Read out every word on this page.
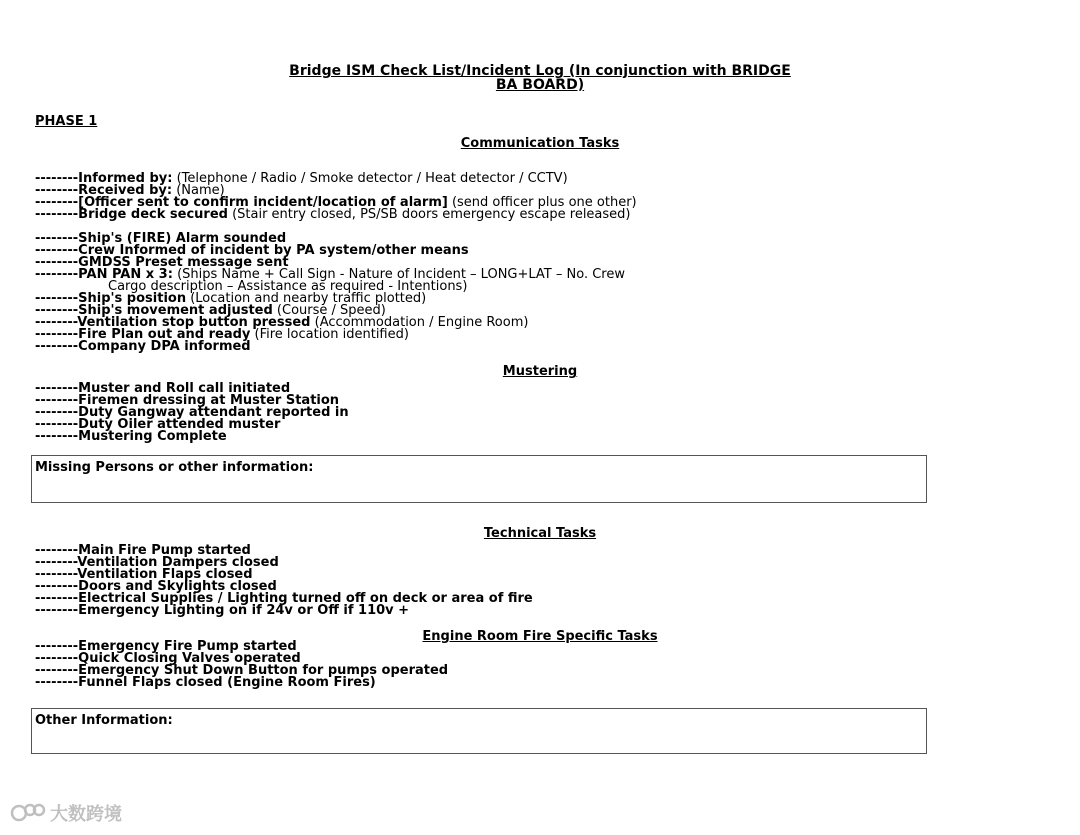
Bridge ISM Check List/Incident Log (In conjunction with BRIDGE
BA BOARD)
PHASE 1
Communication Tasks
--------Informed by: (Telephone / Radio / Smoke detector / Heat detector / CCTV)
--------Received by: (Name)
--------[Officer sent to confirm incident/location of alarm] (send officer plus one other)
--------Bridge deck secured (Stair entry closed, PS/SB doors emergency escape released)
--------Ship's (FIRE) Alarm sounded
--------Crew Informed of incident by PA system/other means
--------GMDSS Preset message sent
--------PAN PAN x 3: (Ships Name + Call Sign - Nature of Incident – LONG+LAT – No. Crew
Cargo description – Assistance as required - Intentions)
--------Ship's position (Location and nearby traffic plotted)
--------Ship's movement adjusted (Course / Speed)
--------Ventilation stop button pressed (Accommodation / Engine Room)
--------Fire Plan out and ready (Fire location identified)
--------Company DPA informed
Mustering
--------Muster and Roll call initiated
--------Firemen dressing at Muster Station
--------Duty Gangway attendant reported in
--------Duty Oiler attended muster
--------Mustering Complete
Missing Persons or other information:
Technical Tasks
--------Main Fire Pump started
--------Ventilation Dampers closed
--------Ventilation Flaps closed
--------Doors and Skylights closed
--------Electrical Supplies / Lighting turned off on deck or area of fire
--------Emergency Lighting on if 24v or Off if 110v +
Engine Room Fire Specific Tasks
--------Emergency Fire Pump started
--------Quick Closing Valves operated
--------Emergency Shut Down Button for pumps operated
--------Funnel Flaps closed (Engine Room Fires)
Other Information:
大数跨境
